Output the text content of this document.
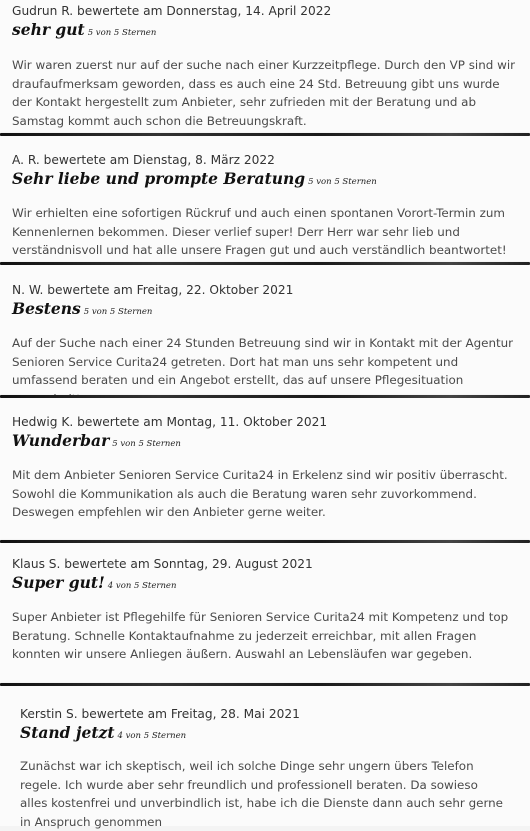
Gudrun R. bewertete am Donnerstag, 14. April 2022
sehr gut 5 von 5 Sternen
Wir waren zuerst nur auf der suche nach einer Kurzzeitpflege. Durch den VP sind wir draufaufmerksam geworden, dass es auch eine 24 Std. Betreuung gibt uns wurde der Kontakt hergestellt zum Anbieter, sehr zufrieden mit der Beratung und ab Samstag kommt auch schon die Betreuungskraft.
A. R. bewertete am Dienstag, 8. März 2022
Sehr liebe und prompte Beratung 5 von 5 Sternen
Wir erhielten eine sofortigen Rückruf und auch einen spontanen Vorort-Termin zum Kennenlernen bekommen. Dieser verlief super! Derr Herr war sehr lieb und verständnisvoll und hat alle unsere Fragen gut und auch verständlich beantwortet!
N. W. bewertete am Freitag, 22. Oktober 2021
Bestens 5 von 5 Sternen
Auf der Suche nach einer 24 Stunden Betreuung sind wir in Kontakt mit der Agentur Senioren Service Curita24 getreten. Dort hat man uns sehr kompetent und umfassend beraten und ein Angebot erstellt, das auf unsere Pflegesituation
Hedwig K. bewertete am Montag, 11. Oktober 2021
Wunderbar 5 von 5 Sternen
Mit dem Anbieter Senioren Service Curita24 in Erkelenz sind wir positiv überrascht. Sowohl die Kommunikation als auch die Beratung waren sehr zuvorkommend. Deswegen empfehlen wir den Anbieter gerne weiter.
Klaus S. bewertete am Sonntag, 29. August 2021
Super gut! 4 von 5 Sternen
Super Anbieter ist Pflegehilfe für Senioren Service Curita24 mit Kompetenz und top Beratung. Schnelle Kontaktaufnahme zu jederzeit erreichbar, mit allen Fragen konnten wir unsere Anliegen äußern. Auswahl an Lebensläufen war gegeben.
Kerstin S. bewertete am Freitag, 28. Mai 2021
Stand jetzt 4 von 5 Sternen
Zunächst war ich skeptisch, weil ich solche Dinge sehr ungern übers Telefon regele. Ich wurde aber sehr freundlich und professionell beraten. Da sowieso alles kostenfrei und unverbindlich ist, habe ich die Dienste dann auch sehr gerne in Anspruch genommen
